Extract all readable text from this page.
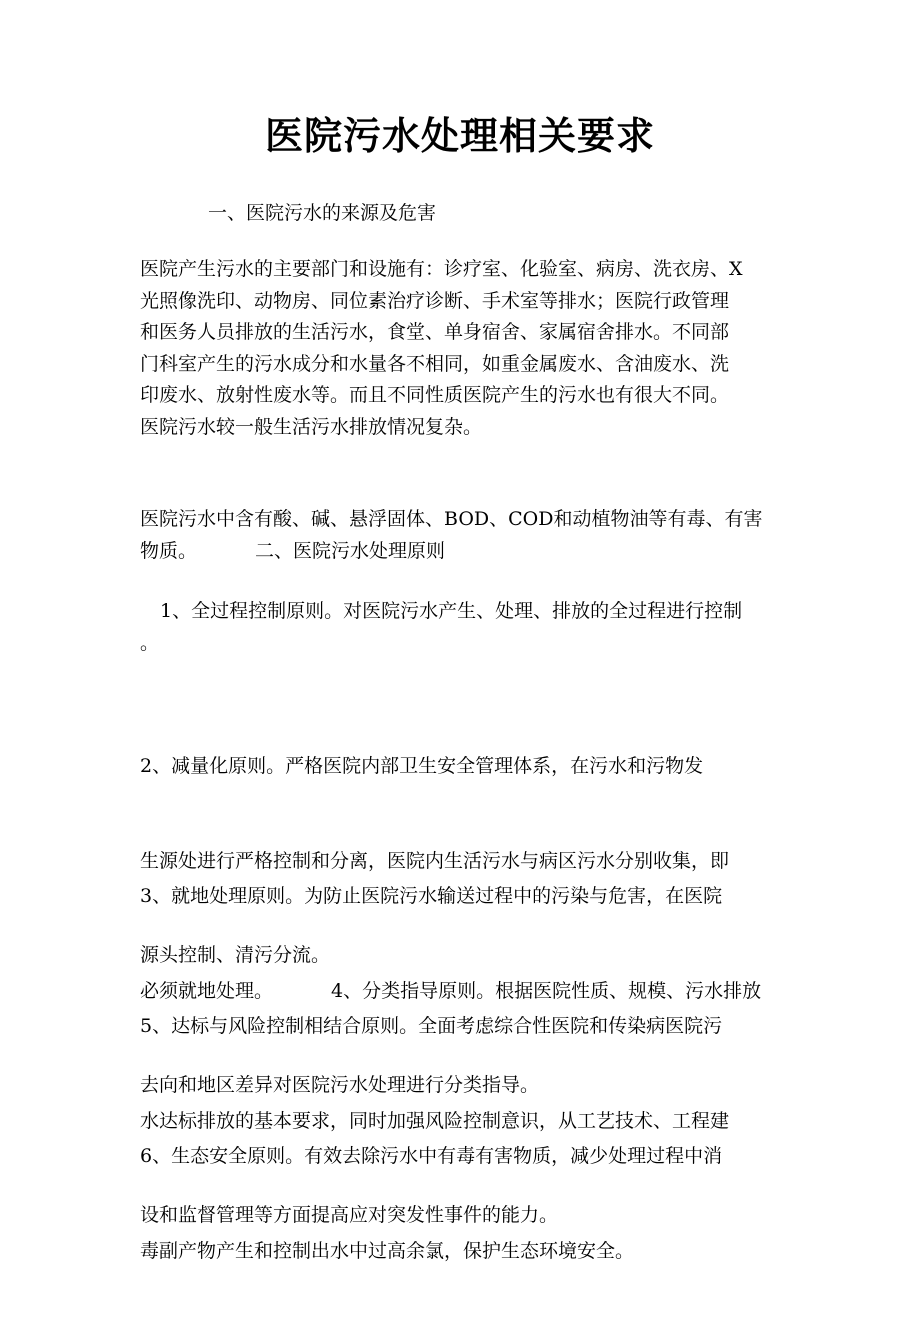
医院污水处理相关要求

一、医院污水的来源及危害

医院产生污水的主要部门和设施有：诊疗室、化验室、病房、洗衣房、X
光照像洗印、动物房、同位素治疗诊断、手术室等排水；医院行政管理
和医务人员排放的生活污水，食堂、单身宿舍、家属宿舍排水。不同部
门科室产生的污水成分和水量各不相同，如重金属废水、含油废水、洗
印废水、放射性废水等。而且不同性质医院产生的污水也有很大不同。
医院污水较一般生活污水排放情况复杂。

医院污水中含有酸、碱、悬浮固体、BOD、COD和动植物油等有毒、有害
物质。	二、医院污水处理原则

1、全过程控制原则。对医院污水产生、处理、排放的全过程进行控制
。

2、减量化原则。严格医院内部卫生安全管理体系，在污水和污物发

生源处进行严格控制和分离，医院内生活污水与病区污水分别收集，即

源头控制、清污分流。

3、就地处理原则。为防止医院污水输送过程中的污染与危害，在医院

必须就地处理。	4、分类指导原则。根据医院性质、规模、污水排放

去向和地区差异对医院污水处理进行分类指导。

5、达标与风险控制相结合原则。全面考虑综合性医院和传染病医院污

水达标排放的基本要求，同时加强风险控制意识，从工艺技术、工程建

设和监督管理等方面提高应对突发性事件的能力。

6、生态安全原则。有效去除污水中有毒有害物质，减少处理过程中消

毒副产物产生和控制出水中过高余氯，保护生态环境安全。
